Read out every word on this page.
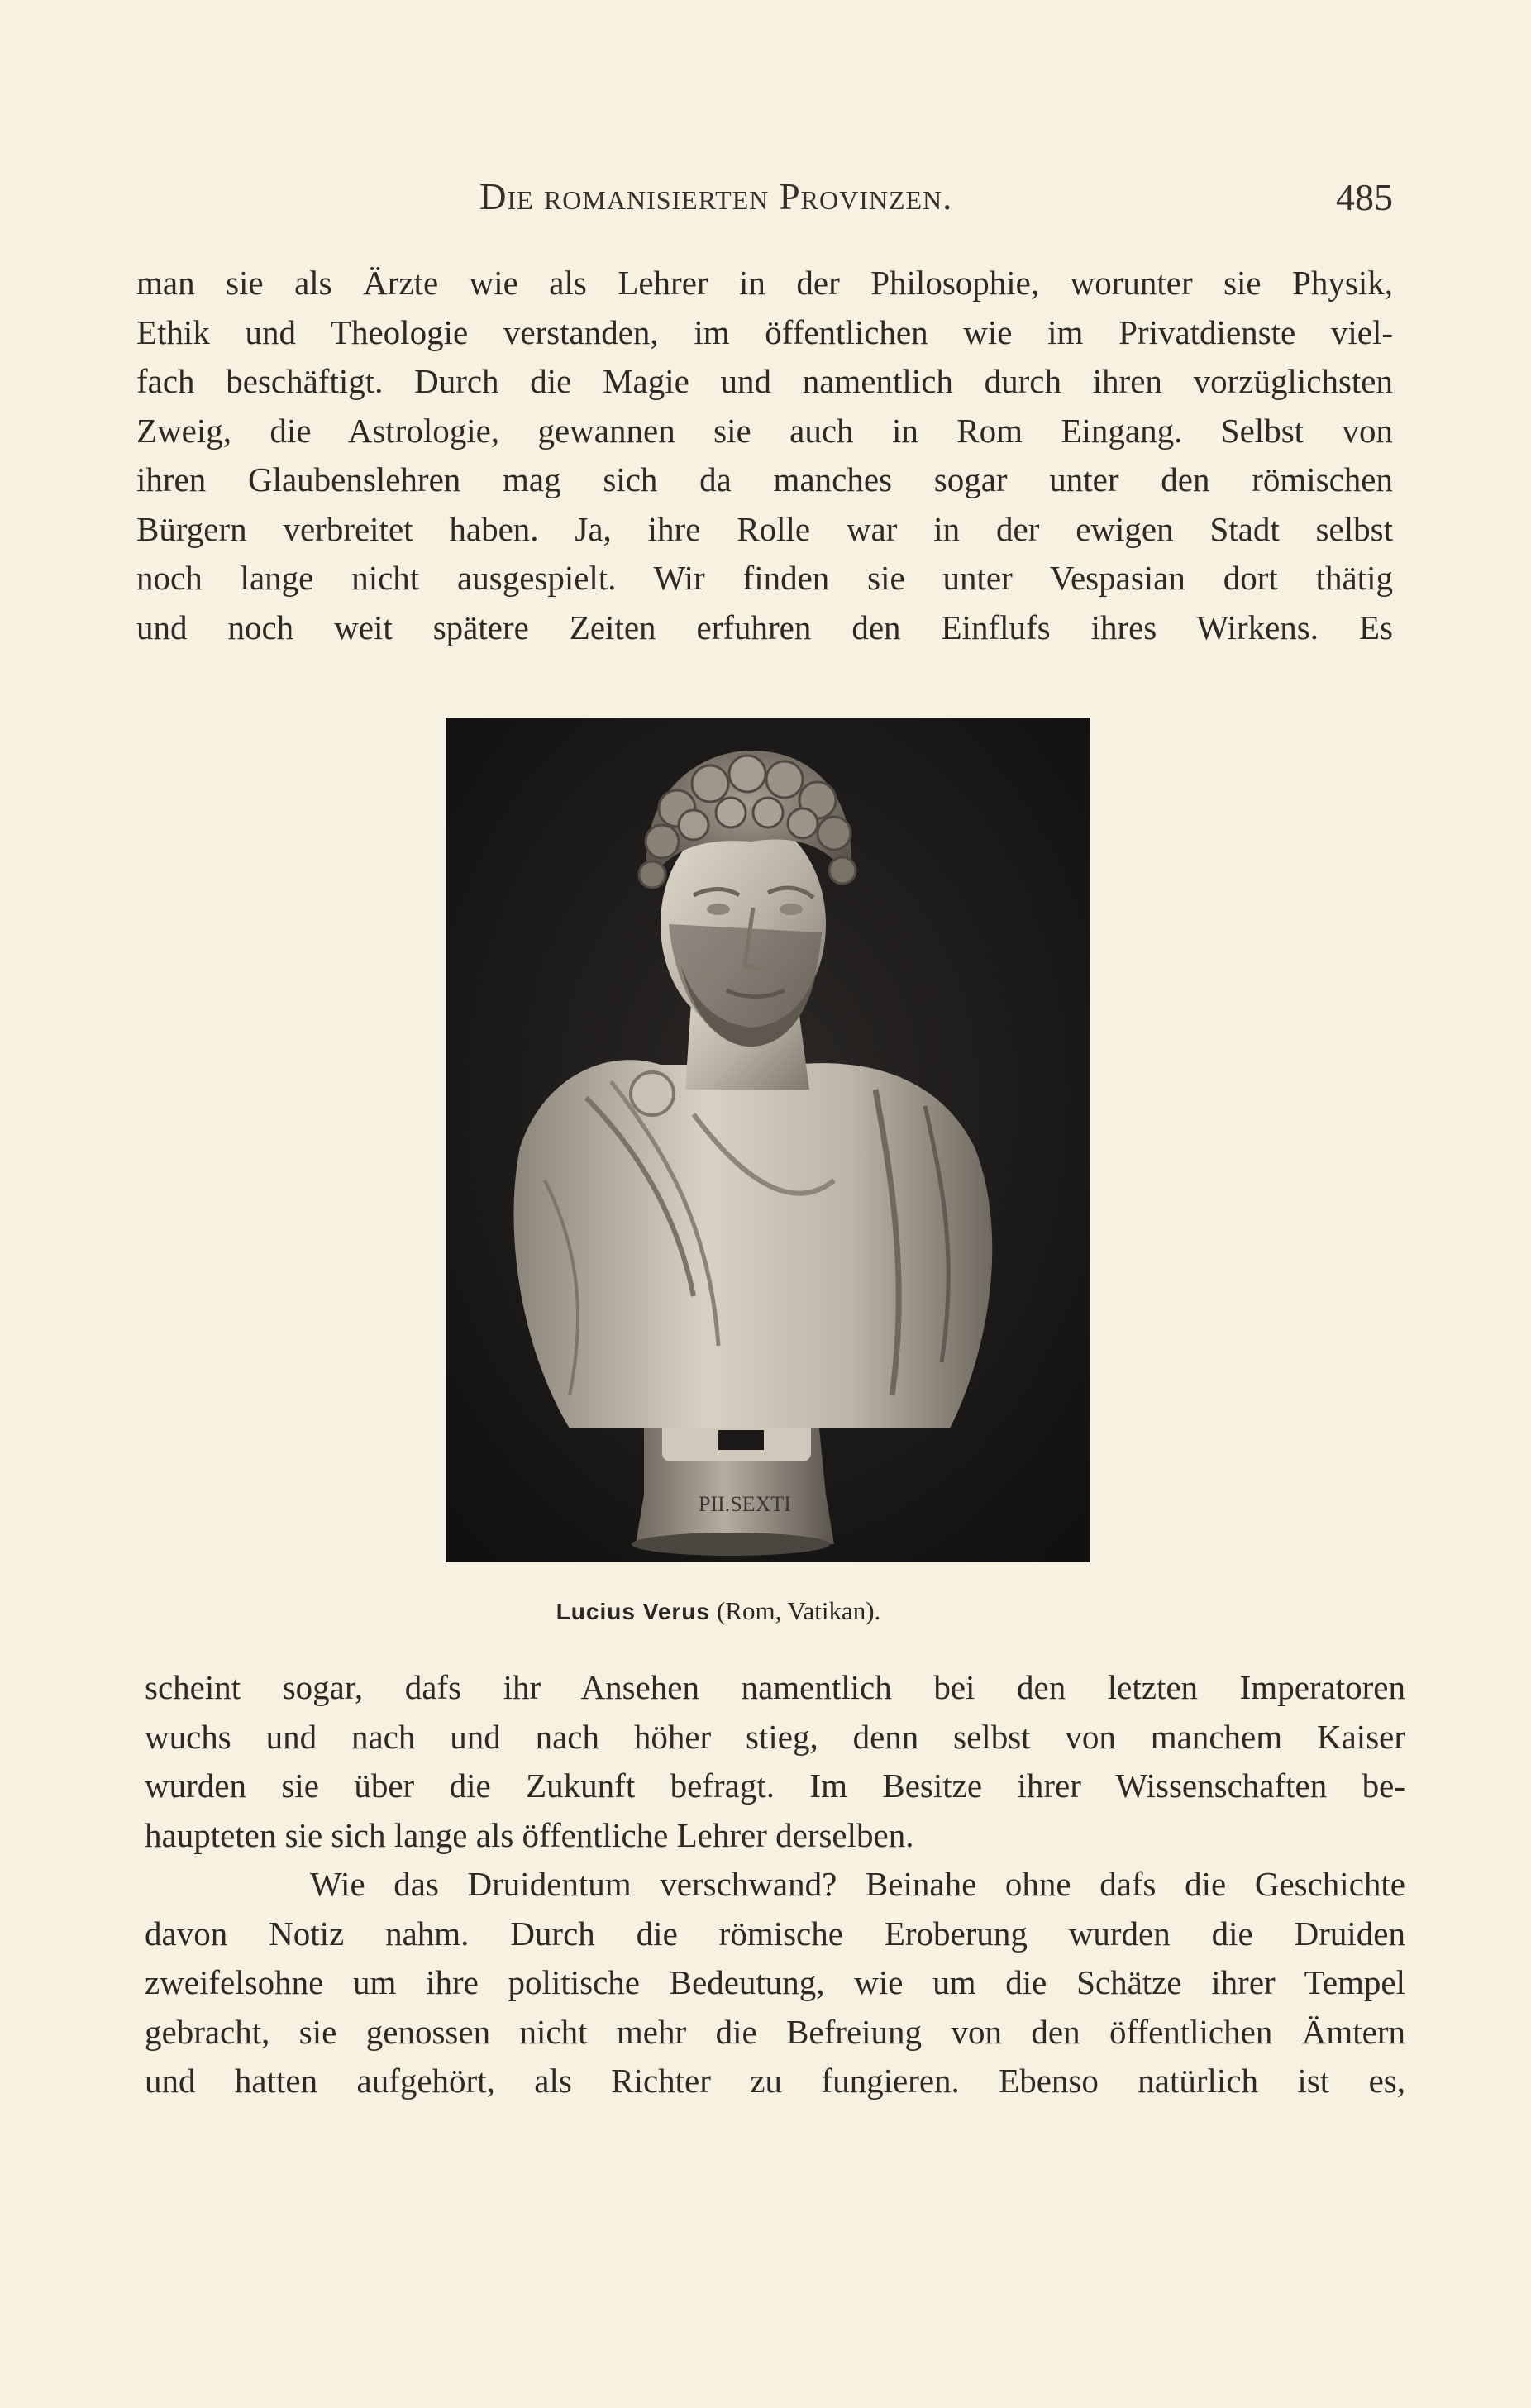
Die romanisierten Provinzen.	485
man sie als Ärzte wie als Lehrer in der Philosophie, worunter sie Physik,
Ethik und Theologie verstanden, im öffentlichen wie im Privatdienste viel-
fach beschäftigt. Durch die Magie und namentlich durch ihren vorzüglichsten
Zweig, die Astrologie, gewannen sie auch in Rom Eingang. Selbst von
ihren Glaubenslehren mag sich da manches sogar unter den römischen
Bürgern verbreitet haben. Ja, ihre Rolle war in der ewigen Stadt selbst
noch lange nicht ausgespielt. Wir finden sie unter Vespasian dort thätig
und noch weit spätere Zeiten erfuhren den Einflufs ihres Wirkens. Es
PII.SEXTI
Lucius Verus (Rom, Vatikan).
scheint sogar, dafs ihr Ansehen namentlich bei den letzten Imperatoren
wuchs und nach und nach höher stieg, denn selbst von manchem Kaiser
wurden sie über die Zukunft befragt. Im Besitze ihrer Wissenschaften be-
haupteten sie sich lange als öffentliche Lehrer derselben.
Wie das Druidentum verschwand? Beinahe ohne dafs die Geschichte
davon Notiz nahm. Durch die römische Eroberung wurden die Druiden
zweifelsohne um ihre politische Bedeutung, wie um die Schätze ihrer Tempel
gebracht, sie genossen nicht mehr die Befreiung von den öffentlichen Ämtern
und hatten aufgehört, als Richter zu fungieren. Ebenso natürlich ist es,
